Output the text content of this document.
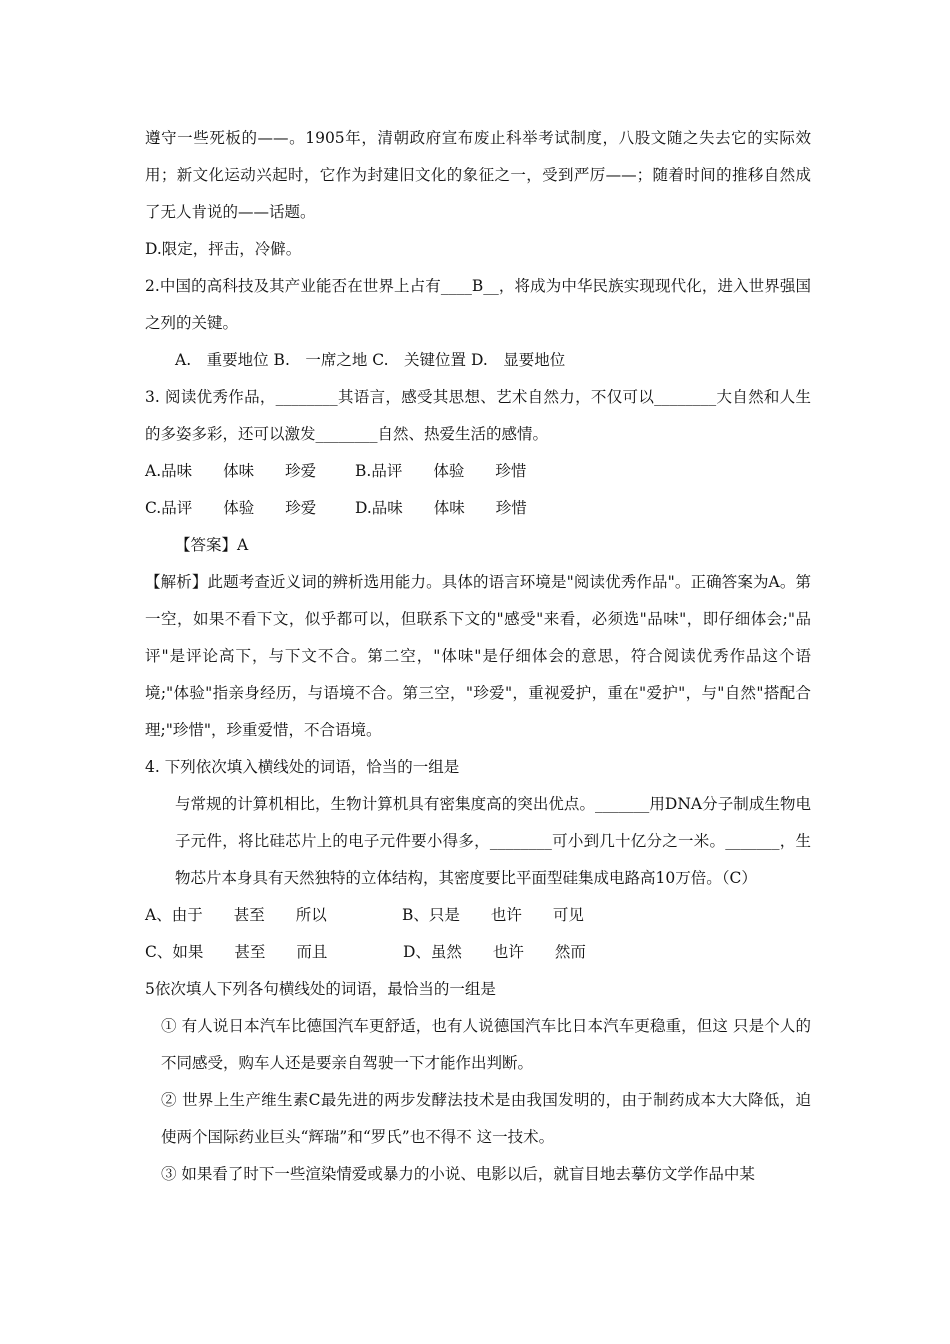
遵守一些死板的——。1905年，清朝政府宣布废止科举考试制度，八股文随之失去它的实际效用；新文化运动兴起时，它作为封建旧文化的象征之一，受到严厉——；随着时间的推移自然成了无人肯说的——话题。

D.限定，抨击，冷僻。

2.中国的高科技及其产业能否在世界上占有____B__，将成为中华民族实现现代化，进入世界强国之列的关键。

A.　重要地位 B.　一席之地 C.　关键位置 D.　显要地位

3. 阅读优秀作品，________其语言，感受其思想、艺术自然力，不仅可以________大自然和人生的多姿多彩，还可以激发________自然、热爱生活的感情。

A.品味　　体味　　珍爱	B.品评　　体验　　珍惜
C.品评　　体验　　珍爱	D.品味　　体味　　珍惜

【答案】A

【解析】此题考查近义词的辨析选用能力。具体的语言环境是"阅读优秀作品"。正确答案为A。第一空，如果不看下文，似乎都可以，但联系下文的"感受"来看，必须选"品味"，即仔细体会;"品评"是评论高下，与下文不合。第二空，"体味"是仔细体会的意思，符合阅读优秀作品这个语境;"体验"指亲身经历，与语境不合。第三空，"珍爱"，重视爱护，重在"爱护"，与"自然"搭配合理;"珍惜"，珍重爱惜，不合语境。

4. 下列依次填入横线处的词语，恰当的一组是

与常规的计算机相比，生物计算机具有密集度高的突出优点。_______用DNA分子制成生物电子元件，将比硅芯片上的电子元件要小得多，________可小到几十亿分之一米。_______，生物芯片本身具有天然独特的立体结构，其密度要比平面型硅集成电路高10万倍。（C）

A、由于　　甚至　　所以	B、只是　　也许　　可见
C、如果　　甚至　　而且	D、虽然　　也许　　然而

5依次填人下列各句横线处的词语，最恰当的一组是

① 有人说日本汽车比德国汽车更舒适，也有人说德国汽车比日本汽车更稳重，但这 只是个人的不同感受，购车人还是要亲自驾驶一下才能作出判断。

② 世界上生产维生素C最先进的两步发酵法技术是由我国发明的，由于制药成本大大降低，迫使两个国际药业巨头“辉瑞”和“罗氏”也不得不 这一技术。

③ 如果看了时下一些渲染情爱或暴力的小说、电影以后，就盲目地去摹仿文学作品中某
